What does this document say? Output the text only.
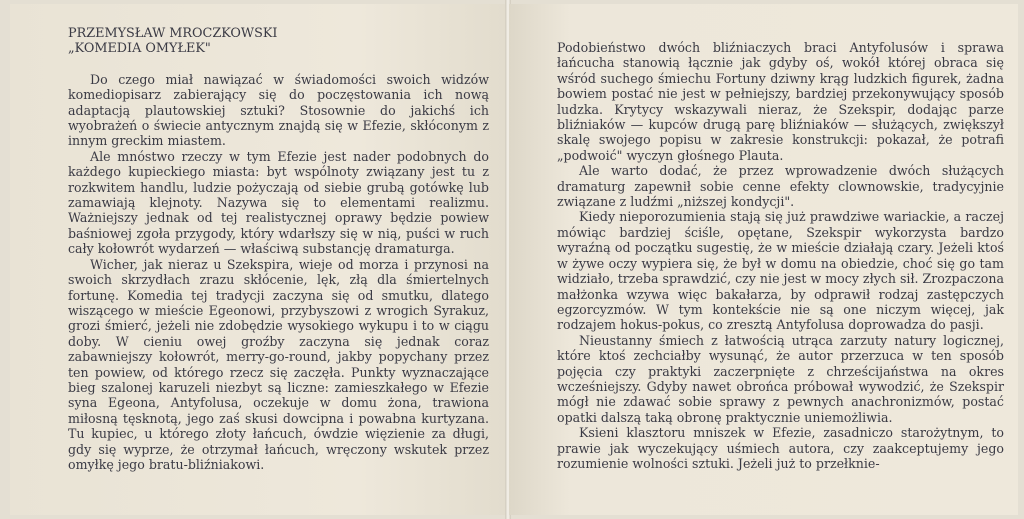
PRZEMYSŁAW MROCZKOWSKI

„KOMEDIA OMYŁEK"

Do czego miał nawiązać w świadomości swoich widzów komediopisarz zabierający się do poczęstowania ich nową adaptacją plautowskiej sztuki? Stosownie do jakichś ich wyobrażeń o świecie antycznym znajdą się w Efezie, skłóconym z innym greckim miastem.

Ale mnóstwo rzeczy w tym Efezie jest nader podobnych do każdego kupieckiego miasta: byt wspólnoty związany jest tu z rozkwitem handlu, ludzie pożyczają od siebie grubą gotówkę lub zamawiają klejnoty. Nazywa się to elementami realizmu. Ważniejszy jednak od tej realistycznej oprawy będzie powiew baśniowej zgoła przygody, który wdarłszy się w nią, puści w ruch cały kołowrót wydarzeń — właściwą substancję dramaturga.

Wicher, jak nieraz u Szekspira, wieje od morza i przynosi na swoich skrzydłach zrazu skłócenie, lęk, złą dla śmiertelnych fortunę. Komedia tej tradycji zaczyna się od smutku, dlatego wiszącego w mieście Egeonowi, przybyszowi z wrogich Syrakuz, grozi śmierć, jeżeli nie zdobędzie wysokiego wykupu i to w ciągu doby. W cieniu owej groźby zaczyna się jednak coraz zabawniejszy kołowrót, merry-go-round, jakby popychany przez ten powiew, od którego rzecz się zaczęła. Punkty wyznaczające bieg szalonej karuzeli niezbyt są liczne: zamieszkałego w Efezie syna Egeona, Antyfolusa, oczekuje w domu żona, trawiona miłosną tęsknotą, jego zaś skusi dowcipna i powabna kurtyzana. Tu kupiec, u którego złoty łańcuch, ówdzie więzienie za długi, gdy się wyprze, że otrzymał łańcuch, wręczony wskutek przez omyłkę jego bratu-bliźniakowi.

Podobieństwo dwóch bliźniaczych braci Antyfolusów i sprawa łańcucha stanowią łącznie jak gdyby oś, wokół której obraca się wśród suchego śmiechu Fortuny dziwny krąg ludzkich figurek, żadna bowiem postać nie jest w pełniejszy, bardziej przekonywujący sposób ludzka. Krytycy wskazywali nieraz, że Szekspir, dodając parze bliźniaków — kupców drugą parę bliźniaków — służących, zwiększył skalę swojego popisu w zakresie konstrukcji: pokazał, że potrafi „podwoić" wyczyn głośnego Plauta.

Ale warto dodać, że przez wprowadzenie dwóch służących dramaturg zapewnił sobie cenne efekty clownowskie, tradycyjnie związane z ludźmi „niższej kondycji".

Kiedy nieporozumienia stają się już prawdziwe wariackie, a raczej mówiąc bardziej ściśle, opętane, Szekspir wykorzysta bardzo wyraźną od początku sugestię, że w mieście działają czary. Jeżeli ktoś w żywe oczy wypiera się, że był w domu na obiedzie, choć się go tam widziało, trzeba sprawdzić, czy nie jest w mocy złych sił. Zrozpaczona małżonka wzywa więc bakałarza, by odprawił rodzaj zastępczych egzorcyzmów. W tym kontekście nie są one niczym więcej, jak rodzajem hokus-pokus, co zresztą Antyfolusa doprowadza do pasji.

Nieustanny śmiech z łatwością utrąca zarzuty natury logicznej, które ktoś zechciałby wysunąć, że autor przerzuca w ten sposób pojęcia czy praktyki zaczerpnięte z chrześcijaństwa na okres wcześniejszy. Gdyby nawet obrońca próbował wywodzić, że Szekspir mógł nie zdawać sobie sprawy z pewnych anachronizmów, postać opatki dalszą taką obronę praktycznie uniemożliwia.

Ksieni klasztoru mniszek w Efezie, zasadniczo starożytnym, to prawie jak wyczekujący uśmiech autora, czy zaakceptujemy jego rozumienie wolności sztuki. Jeżeli już to przełknie-
